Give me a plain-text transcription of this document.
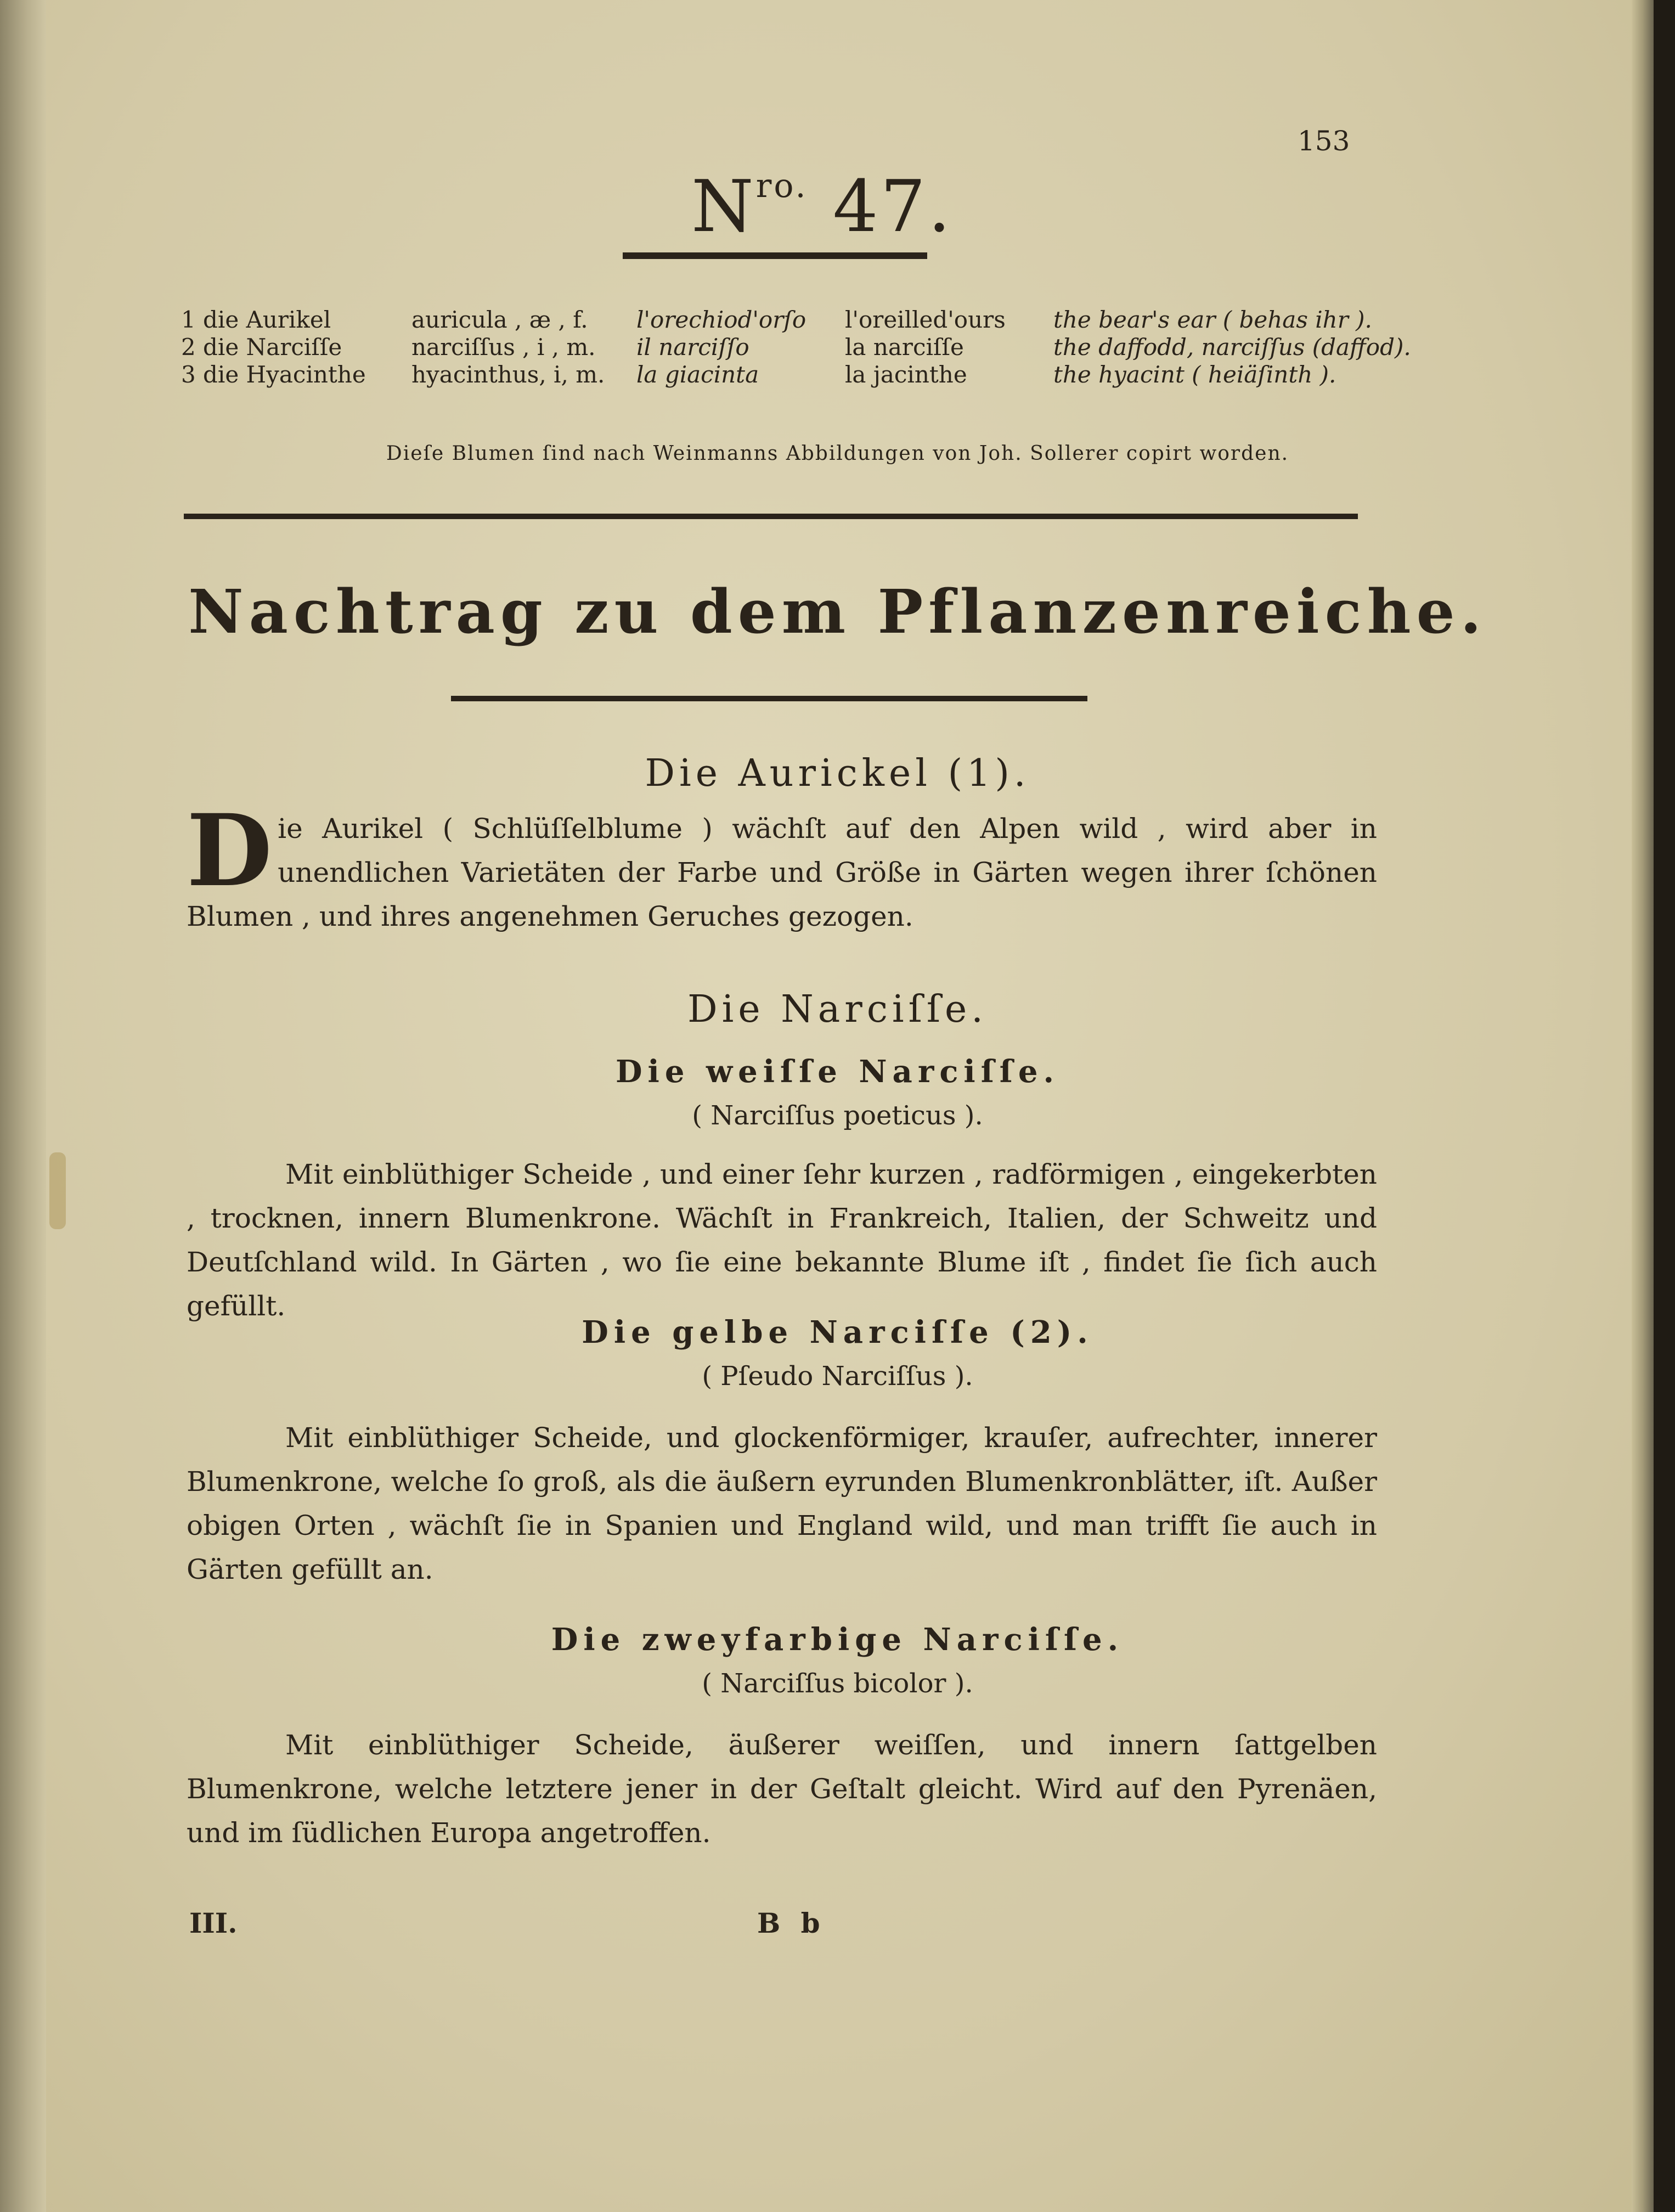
153
$N^{ro.}$ 47.
1	die Aurikel	auricula , æ , f.	l'orechiod'orſo	l'oreilled'ours	the bear's ear ( behas ihr ).
2	die Narciſſe	narciſſus , i , m.	il narciſſo	la narciſſe	the daffodd, narciſſus (daffod).
3	die Hyacinthe	hyacinthus, i, m.	la giacinta	la jacinthe	the hyacint ( heiäſinth ).
Dieſe Blumen ſind nach Weinmanns Abbildungen von Joh. Sollerer copirt worden.
Nachtrag zu dem Pflanzenreiche.
Die Aurickel (1).
D ie Aurikel ( Schlüſſelblume ) wächſt auf den Alpen wild , wird aber in unendlichen Varietäten der Farbe und Größe in Gärten wegen ihrer ſchönen Blumen , und ihres angenehmen Geruches gezogen.
Die Narciſſe.
Die weiſſe Narciſſe.
( Narciſſus poeticus ).
Mit einblüthiger Scheide , und einer ſehr kurzen , radförmigen , eingekerbten , trocknen, innern Blumenkrone. Wächſt in Frankreich, Italien, der Schweitz und Deutſchland wild. In Gärten , wo ſie eine bekannte Blume iſt , findet ſie ſich auch gefüllt.
Die gelbe Narciſſe (2).
( Pſeudo Narciſſus ).
Mit einblüthiger Scheide, und glockenförmiger, krauſer, aufrechter, innerer Blumenkrone, welche ſo groß, als die äußern eyrunden Blumenkronblätter, iſt. Außer obigen Orten , wächſt ſie in Spanien und England wild, und man trifft ſie auch in Gärten gefüllt an.
Die zweyfarbige Narciſſe.
( Narciſſus bicolor ).
Mit einblüthiger Scheide, äußerer weiſſen, und innern ſattgelben Blumenkrone, welche letztere jener in der Geſtalt gleicht. Wird auf den Pyrenäen, und im ſüdlichen Europa angetroffen.
III.	B b
